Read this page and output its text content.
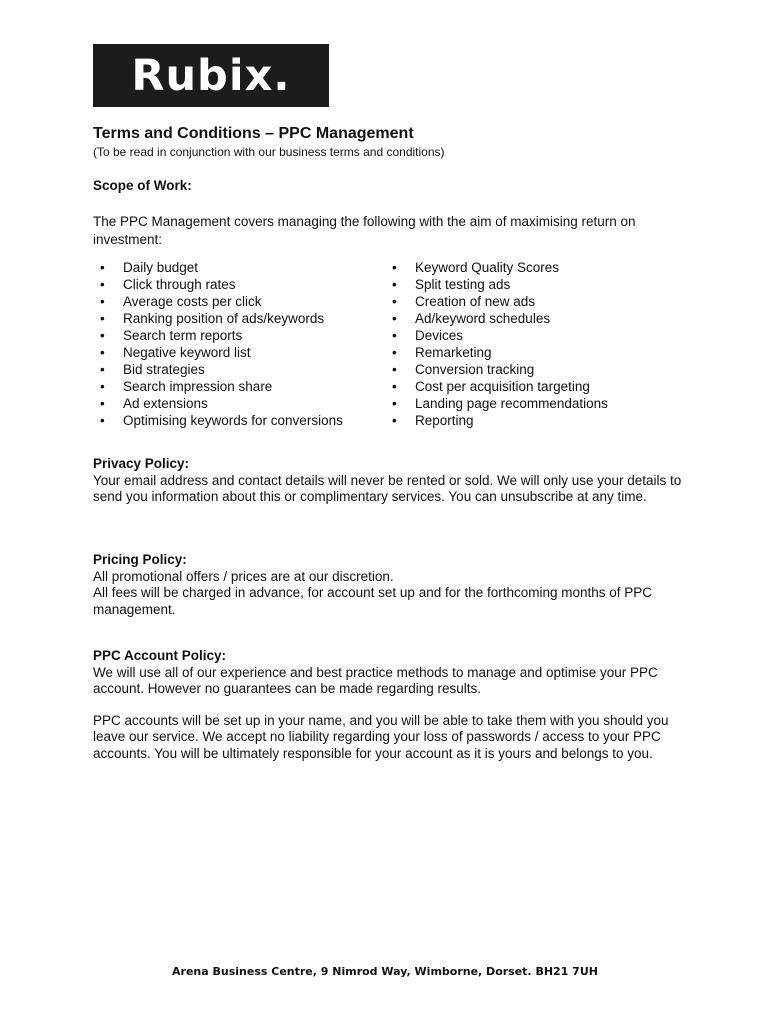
Rubix.
Terms and Conditions – PPC Management

(To be read in conjunction with our business terms and conditions)

Scope of Work:

The PPC Management covers managing the following with the aim of maximising return on investment:

• Daily budget
• Click through rates
• Average costs per click
• Ranking position of ads/keywords
• Search term reports
• Negative keyword list
• Bid strategies
• Search impression share
• Ad extensions
• Optimising keywords for conversions
• Keyword Quality Scores
• Split testing ads
• Creation of new ads
• Ad/keyword schedules
• Devices
• Remarketing
• Conversion tracking
• Cost per acquisition targeting
• Landing page recommendations
• Reporting
Privacy Policy:

Your email address and contact details will never be rented or sold. We will only use your details to send you information about this or complimentary services. You can unsubscribe at any time.

Pricing Policy:

All promotional offers / prices are at our discretion.

All fees will be charged in advance, for account set up and for the forthcoming months of PPC management.

PPC Account Policy:

We will use all of our experience and best practice methods to manage and optimise your PPC account. However no guarantees can be made regarding results.

PPC accounts will be set up in your name, and you will be able to take them with you should you leave our service. We accept no liability regarding your loss of passwords / access to your PPC accounts. You will be ultimately responsible for your account as it is yours and belongs to you.

Arena Business Centre, 9 Nimrod Way, Wimborne, Dorset. BH21 7UH
